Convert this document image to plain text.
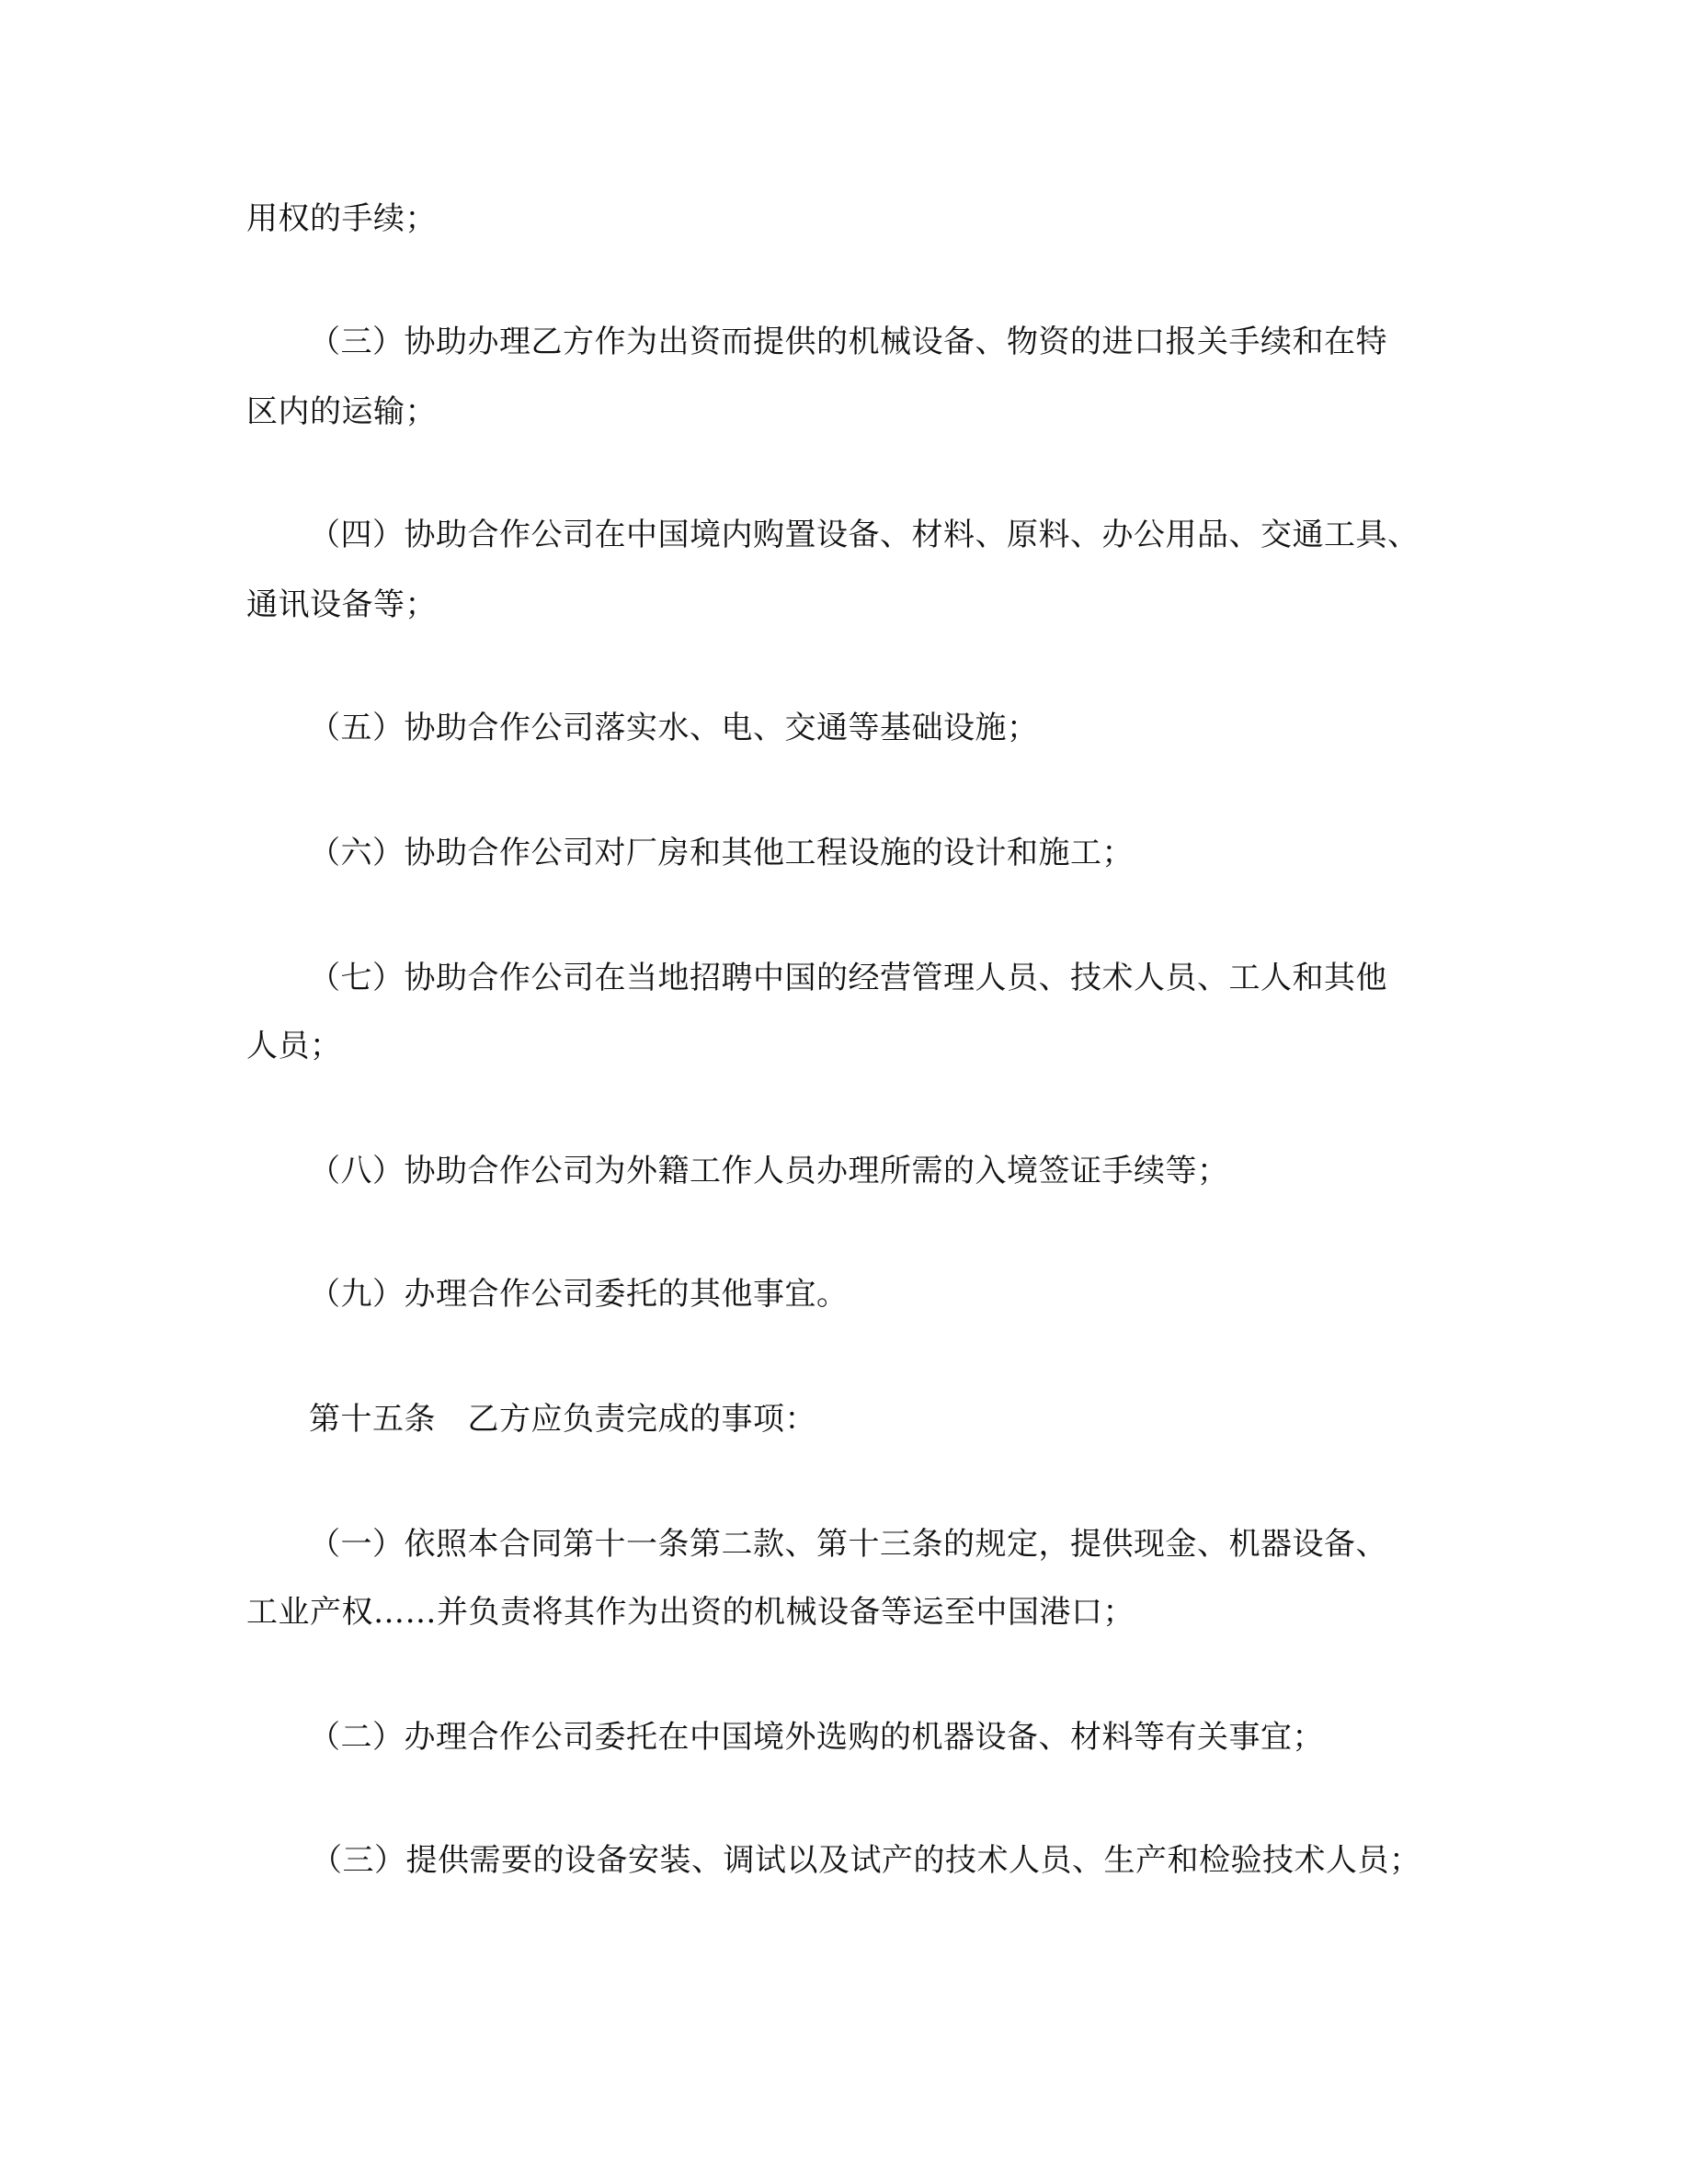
用权的手续；
（三）协助办理乙方作为出资而提供的机械设备、物资的进口报关手续和在特
区内的运输；
（四）协助合作公司在中国境内购置设备、材料、原料、办公用品、交通工具、
通讯设备等；
（五）协助合作公司落实水、电、交通等基础设施；
（六）协助合作公司对厂房和其他工程设施的设计和施工；
（七）协助合作公司在当地招聘中国的经营管理人员、技术人员、工人和其他
人员；
（八）协助合作公司为外籍工作人员办理所需的入境签证手续等；
（九）办理合作公司委托的其他事宜。
第十五条　乙方应负责完成的事项：
（一）依照本合同第十一条第二款、第十三条的规定，提供现金、机器设备、
工业产权……并负责将其作为出资的机械设备等运至中国港口；
（二）办理合作公司委托在中国境外选购的机器设备、材料等有关事宜；
（三）提供需要的设备安装、调试以及试产的技术人员、生产和检验技术人员；
